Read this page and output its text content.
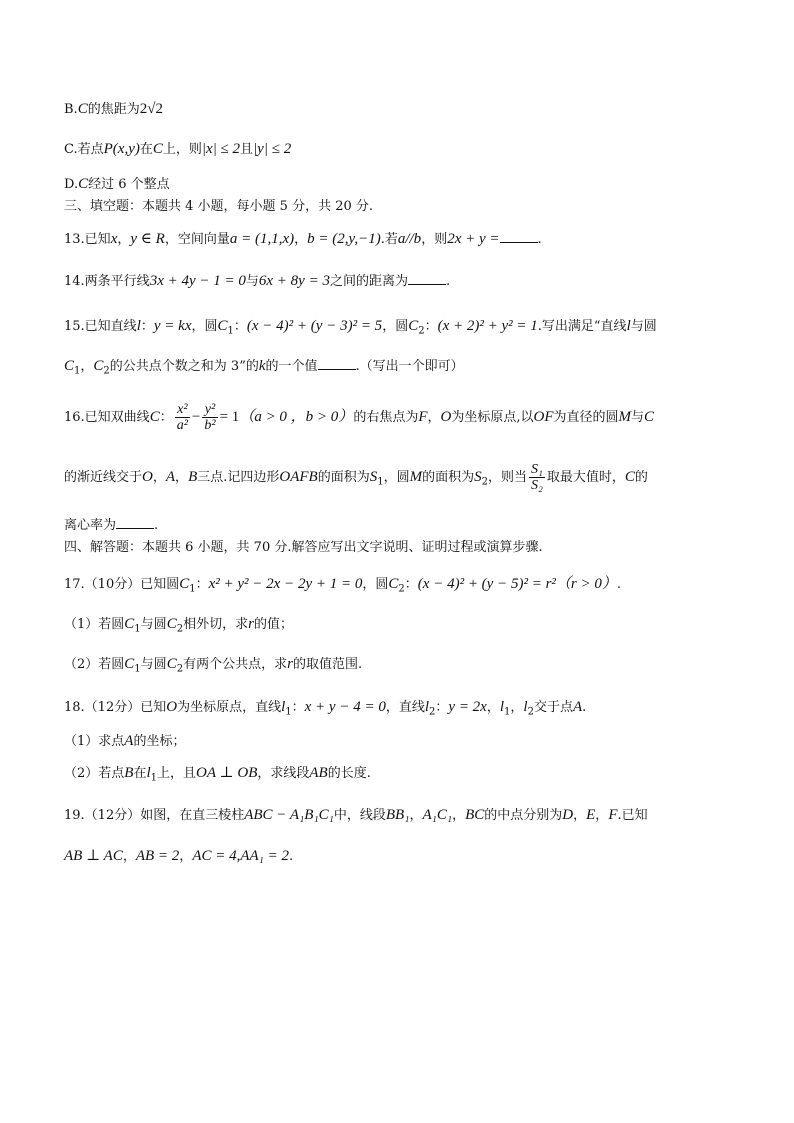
B.C的焦距为2√2
C.若点P(x,y)在C上，则|x| ≤ 2且|y| ≤ 2
D.C经过 6 个整点
三、填空题：本题共 4 小题，每小题 5 分，共 20 分.
13.已知x，y ∈ R，空间向量a = (1,1,x)，b = (2,y,−1).若a//b，则2x + y =	.
14.两条平行线3x + 4y − 1 = 0与6x + 8y = 3之间的距离为	.
15.已知直线l：y = kx，圆$C_1$：(x − 4)² + (y − 3)² = 5，圆$C_2$：(x + 2)² + y² = 1.写出满足“直线l与圆
$C_1$，$C_2$的公共点个数之和为 3”的k的一个值	.（写出一个即可）
16.已知双曲线C： $\frac{\text{x²}}{\text{a²}} - \frac{\text{y²}}{\text{b²}} = 1(a > 0$ ，b > 0）的右焦点为F，O为坐标原点,以OF为直径的圆M与C
的渐近线交于O，A，B三点.记四边形OAFB的面积为$S_1$，圆M的面积为$S_2$，则当 $\frac{\text{S₁}}{\text{S₂}}$ 取最大值时，C的
离心率为	.
四、解答题：本题共 6 小题，共 70 分.解答应写出文字说明、证明过程或演算步骤.
17.（10分）已知圆$C_1$：x² + y² − 2x − 2y + 1 = 0，圆$C_2$：(x − 4)² + (y − 5)² = r²（r > 0）.
（1）若圆$C_1$与圆$C_2$相外切，求r的值；
（2）若圆$C_1$与圆$C_2$有两个公共点，求r的取值范围.
18.（12分）已知O为坐标原点，直线$l_1$：x + y − 4 = 0，直线$l_2$：y = 2x，$l_1$，$l_2$交于点A.
（1）求点A的坐标；
（2）若点B在$l_1$上，且OA ⊥ OB，求线段AB的长度.
19.（12分）如图，在直三棱柱ABC − A₁B₁C₁中，线段BB₁，A₁C₁，BC的中点分别为D，E，F.已知
AB ⊥ AC，AB = 2，AC = 4,AA₁ = 2.
